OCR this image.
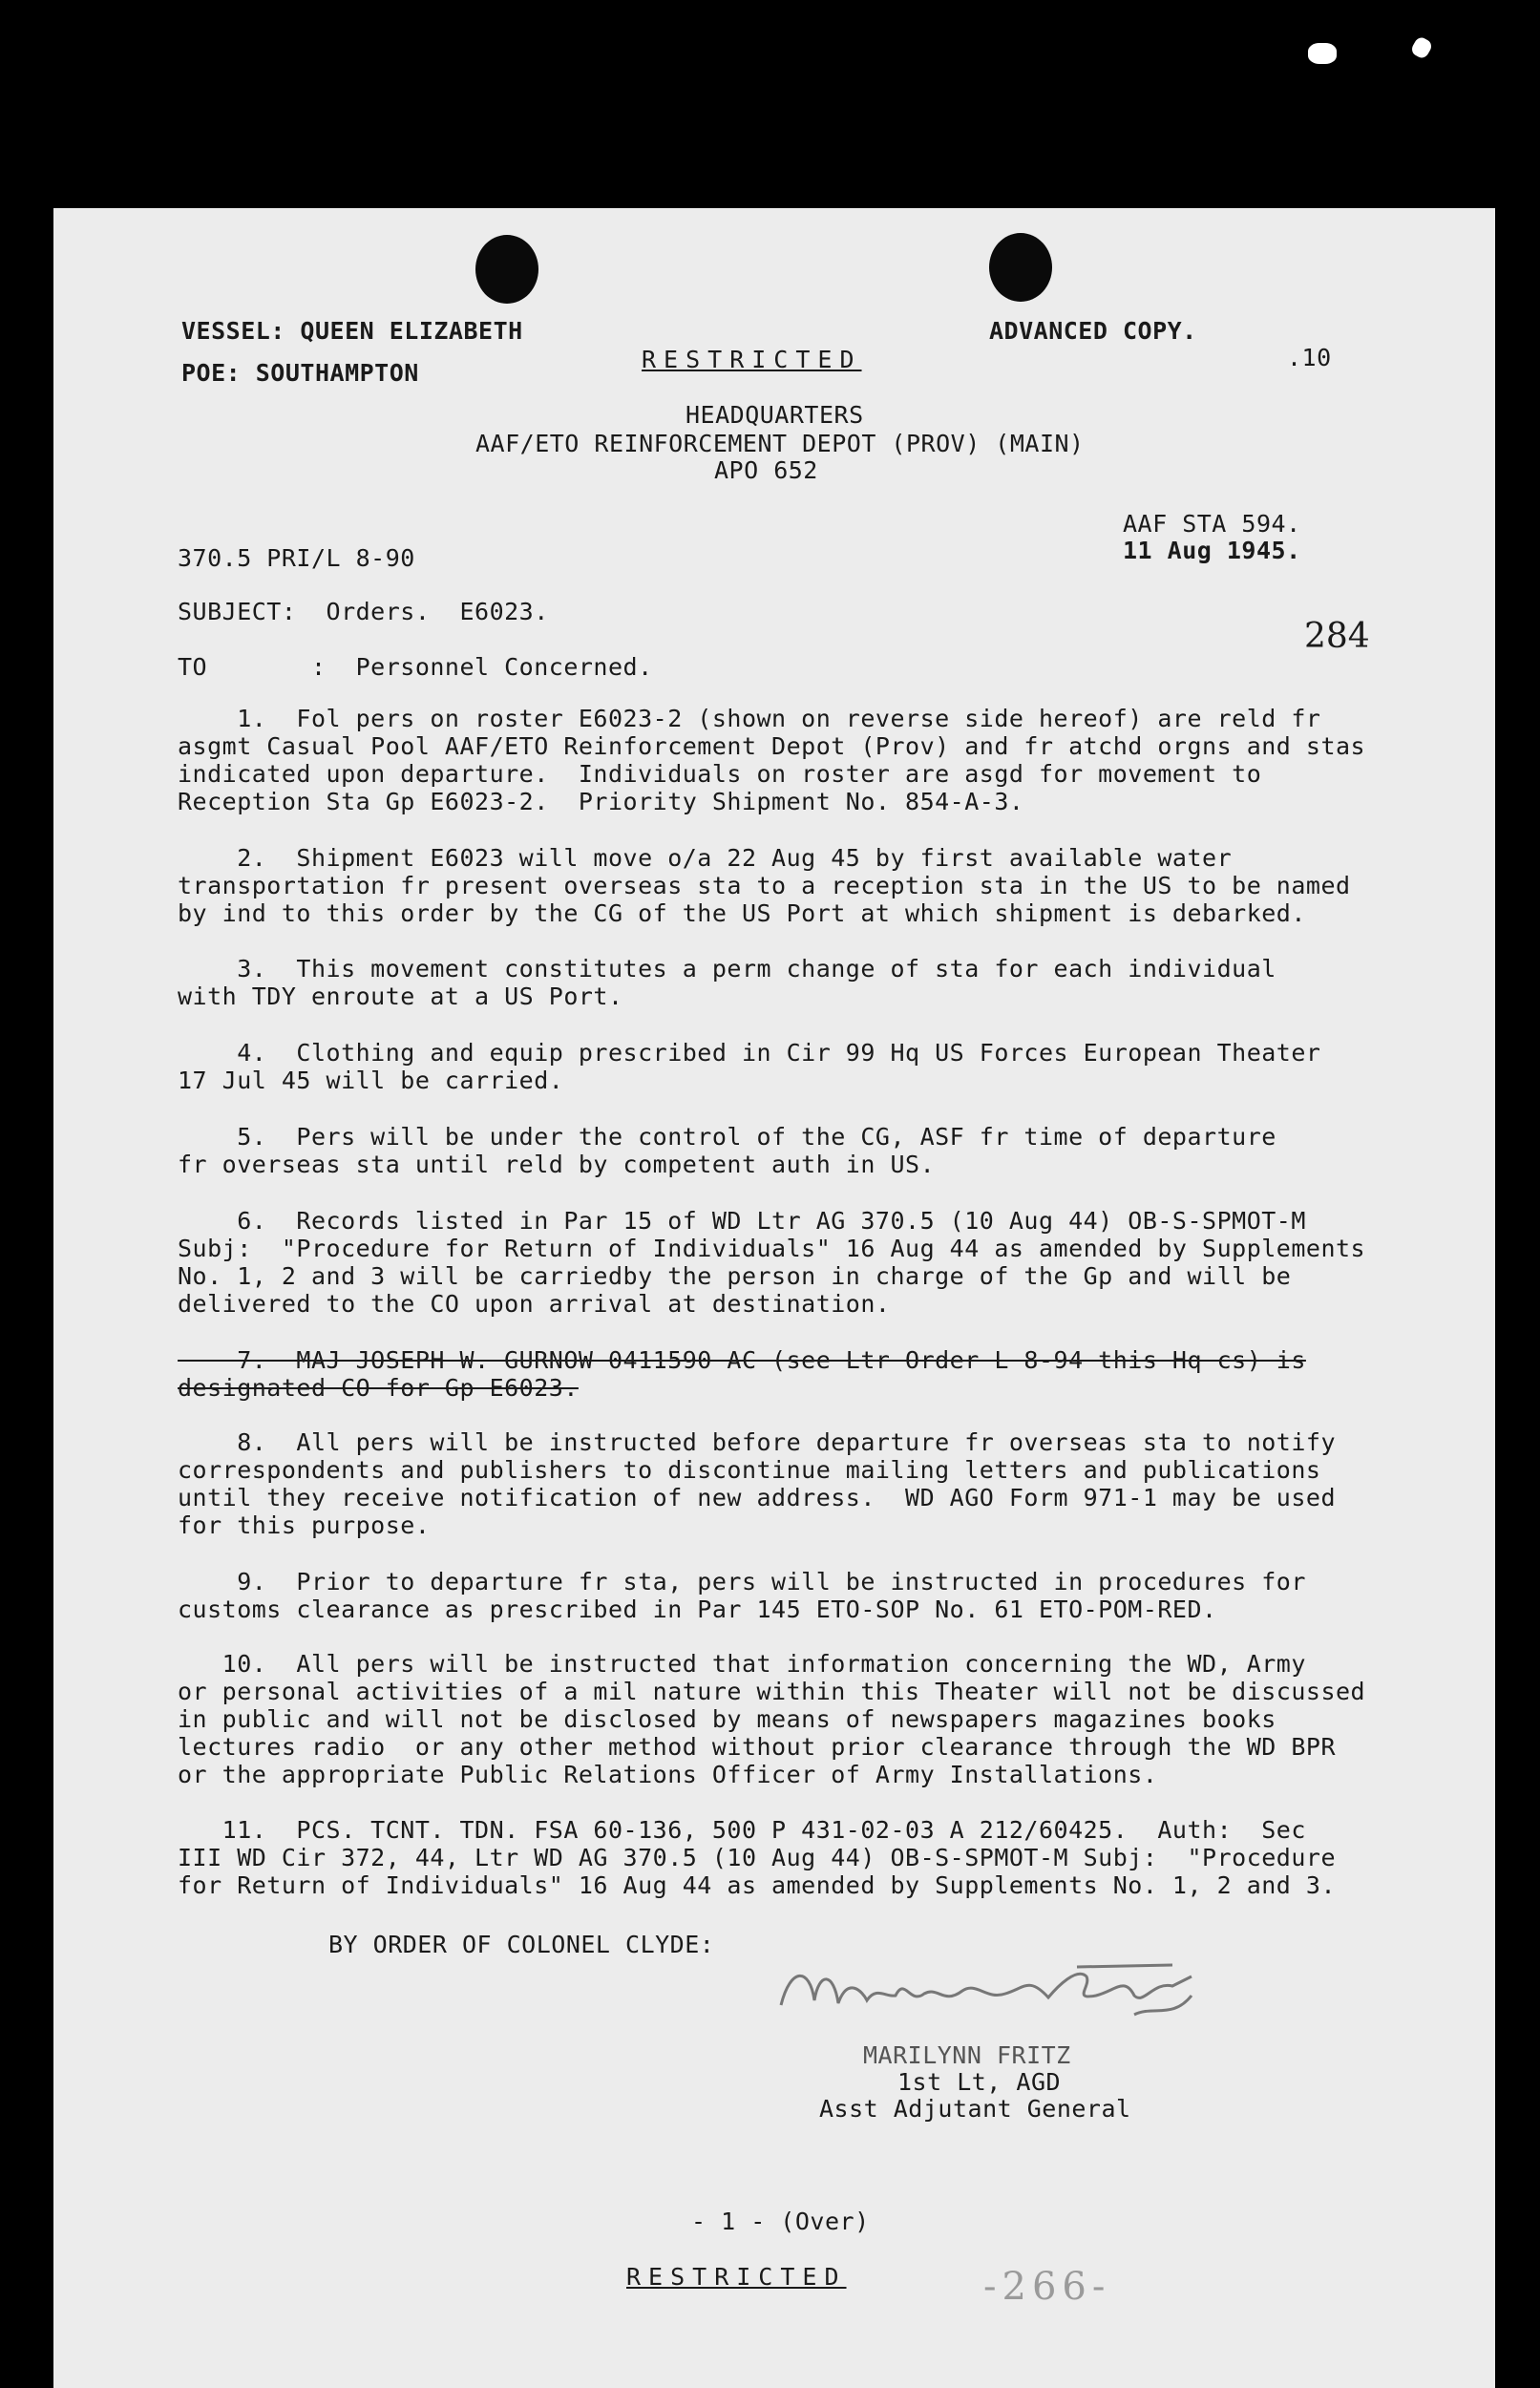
VESSEL: QUEEN ELIZABETH
POE: SOUTHAMPTON	RESTRICTED
ADVANCED COPY.
.10
HEADQUARTERS
AAF/ETO REINFORCEMENT DEPOT (PROV) (MAIN)
APO 652
AAF STA 594.
11 Aug 1945.
370.5 PRI/L 8-90
SUBJECT:  Orders.  E6023.
284
TO       :  Personnel Concerned.
1.  Fol pers on roster E6023-2 (shown on reverse side hereof) are reld fr
asgmt Casual Pool AAF/ETO Reinforcement Depot (Prov) and fr atchd orgns and stas
indicated upon departure.  Individuals on roster are asgd for movement to
Reception Sta Gp E6023-2.  Priority Shipment No. 854-A-3.
2.  Shipment E6023 will move o/a 22 Aug 45 by first available water
transportation fr present overseas sta to a reception sta in the US to be named
by ind to this order by the CG of the US Port at which shipment is debarked.
3.  This movement constitutes a perm change of sta for each individual
with TDY enroute at a US Port.
4.  Clothing and equip prescribed in Cir 99 Hq US Forces European Theater
17 Jul 45 will be carried.
5.  Pers will be under the control of the CG, ASF fr time of departure
fr overseas sta until reld by competent auth in US.
6.  Records listed in Par 15 of WD Ltr AG 370.5 (10 Aug 44) OB-S-SPMOT-M
Subj:  "Procedure for Return of Individuals" 16 Aug 44 as amended by Supplements
No. 1, 2 and 3 will be carriedby the person in charge of the Gp and will be
delivered to the CO upon arrival at destination.
7.  MAJ JOSEPH W. GURNOW 0411590 AC (see Ltr Order L 8-94 this Hq cs) is
designated CO for Gp E6023.
8.  All pers will be instructed before departure fr overseas sta to notify
correspondents and publishers to discontinue mailing letters and publications
until they receive notification of new address.  WD AGO Form 971-1 may be used
for this purpose.
9.  Prior to departure fr sta, pers will be instructed in procedures for
customs clearance as prescribed in Par 145 ETO-SOP No. 61 ETO-POM-RED.
10.  All pers will be instructed that information concerning the WD, Army
or personal activities of a mil nature within this Theater will not be discussed
in public and will not be disclosed by means of newspapers magazines books
lectures radio  or any other method without prior clearance through the WD BPR
or the appropriate Public Relations Officer of Army Installations.
11.  PCS. TCNT. TDN. FSA 60-136, 500 P 431-02-03 A 212/60425.  Auth:  Sec
III WD Cir 372, 44, Ltr WD AG 370.5 (10 Aug 44) OB-S-SPMOT-M Subj:  "Procedure
for Return of Individuals" 16 Aug 44 as amended by Supplements No. 1, 2 and 3.
BY ORDER OF COLONEL CLYDE:
MARILYNN FRITZ
1st Lt, AGD
Asst Adjutant General
- 1 - (Over)
RESTRICTED	-266-
